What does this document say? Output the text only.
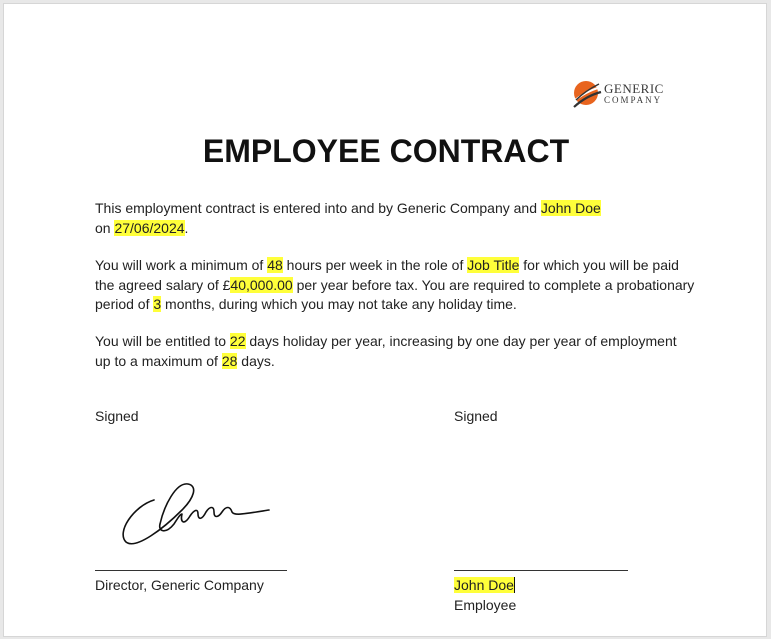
GENERIC
COMPANY
EMPLOYEE CONTRACT
This employment contract is entered into and by Generic Company and John Doe
on 27/06/2024.
You will work a minimum of 48 hours per week in the role of Job Title for which you will be paid the agreed salary of £40,000.00 per year before tax. You are required to complete a probationary period of 3 months, during which you may not take any holiday time.
You will be entitled to 22 days holiday per year, increasing by one day per year of employment up to a maximum of 28 days.
Signed	Signed
Director, Generic Company	John Doe
Employee
